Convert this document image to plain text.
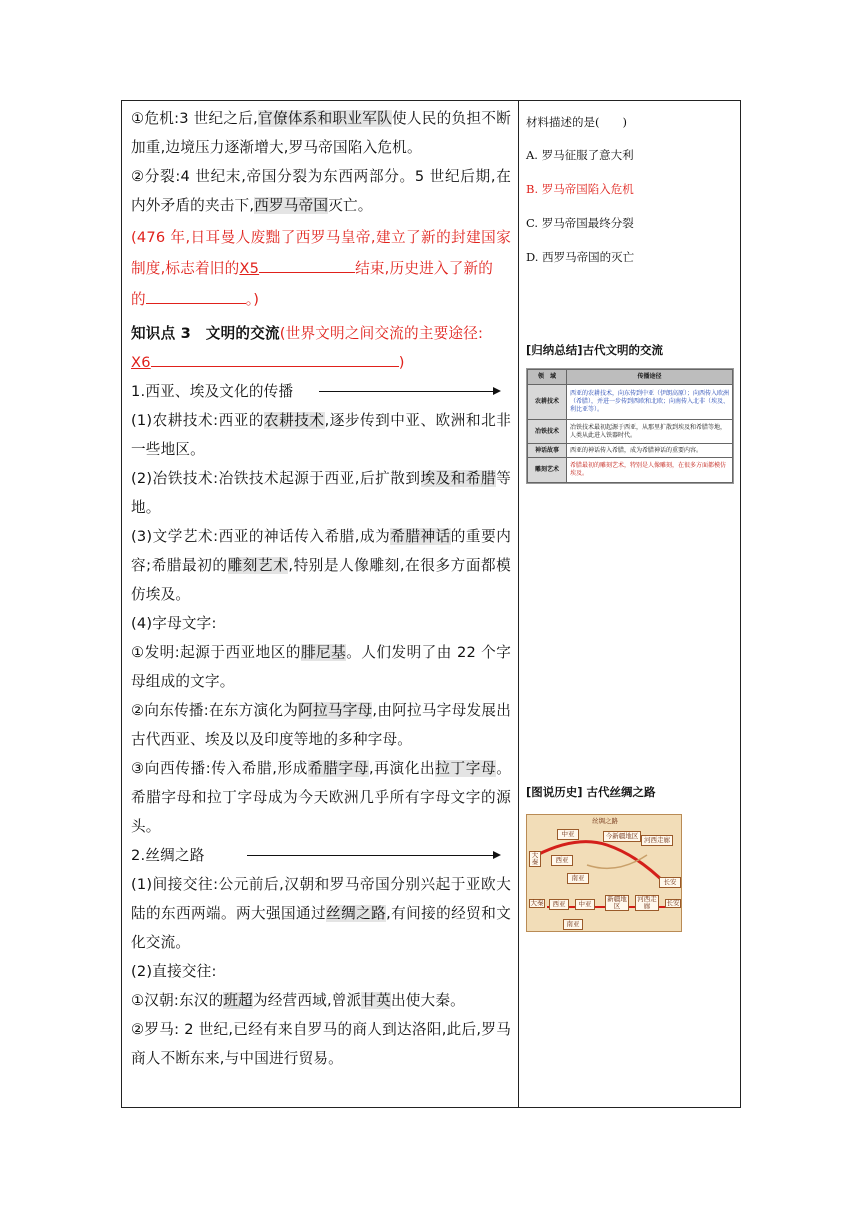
①危机:3 世纪之后,官僚体系和职业军队使人民的负担不断加重,边境压力逐渐增大,罗马帝国陷入危机。

②分裂:4 世纪末,帝国分裂为东西两部分。5 世纪后期,在内外矛盾的夹击下,西罗马帝国灭亡。

(476 年,日耳曼人废黜了西罗马皇帝,建立了新的封建国家制度,标志着旧的X5	结束,历史进入了新的
的	。)

知识点 3　文明的交流(世界文明之间交流的主要途径:
X6	)

1.西亚、埃及文化的传播

(1)农耕技术:西亚的农耕技术,逐步传到中亚、欧洲和北非一些地区。

(2)冶铁技术:冶铁技术起源于西亚,后扩散到埃及和希腊等地。

(3)文学艺术:西亚的神话传入希腊,成为希腊神话的重要内容;希腊最初的雕刻艺术,特别是人像雕刻,在很多方面都模仿埃及。

(4)字母文字:

①发明:起源于西亚地区的腓尼基。人们发明了由 22 个字母组成的文字。

②向东传播:在东方演化为阿拉马字母,由阿拉马字母发展出古代西亚、埃及以及印度等地的多种字母。

③向西传播:传入希腊,形成希腊字母,再演化出拉丁字母。希腊字母和拉丁字母成为今天欧洲几乎所有字母文字的源头。

2.丝绸之路

(1)间接交往:公元前后,汉朝和罗马帝国分别兴起于亚欧大陆的东西两端。两大强国通过丝绸之路,有间接的经贸和文化交流。

(2)直接交往:

①汉朝:东汉的班超为经营西域,曾派甘英出使大秦。

②罗马: 2 世纪,已经有来自罗马的商人到达洛阳,此后,罗马商人不断东来,与中国进行贸易。

材料描述的是(　　)

A. 罗马征服了意大利

B. 罗马帝国陷入危机

C. 罗马帝国最终分裂

D. 西罗马帝国的灭亡

[归纳总结]古代文明的交流

领　域	传播途径
农耕技术	西亚的农耕技术，向东传到中亚（伊朗高原）；向西传入欧洲（希腊），并进一步传到西欧和北欧；向南传入北非（埃及、利比亚等）。
冶铁技术	冶铁技术最初起源于西亚，从那里扩散到埃及和希腊等地，人类从此进入铁器时代。
神话故事	西亚的神话传入希腊，成为希腊神话的重要内容。
雕刻艺术	希腊最初的雕刻艺术，特别是人像雕刻，在很多方面都模仿埃及。

[图说历史] 古代丝绸之路

丝绸之路
中亚	今新疆地区 河西走廊
大秦	西亚
南亚	长安
西亚	中亚
新疆地区
河西走廊	长安
大秦
南亚
